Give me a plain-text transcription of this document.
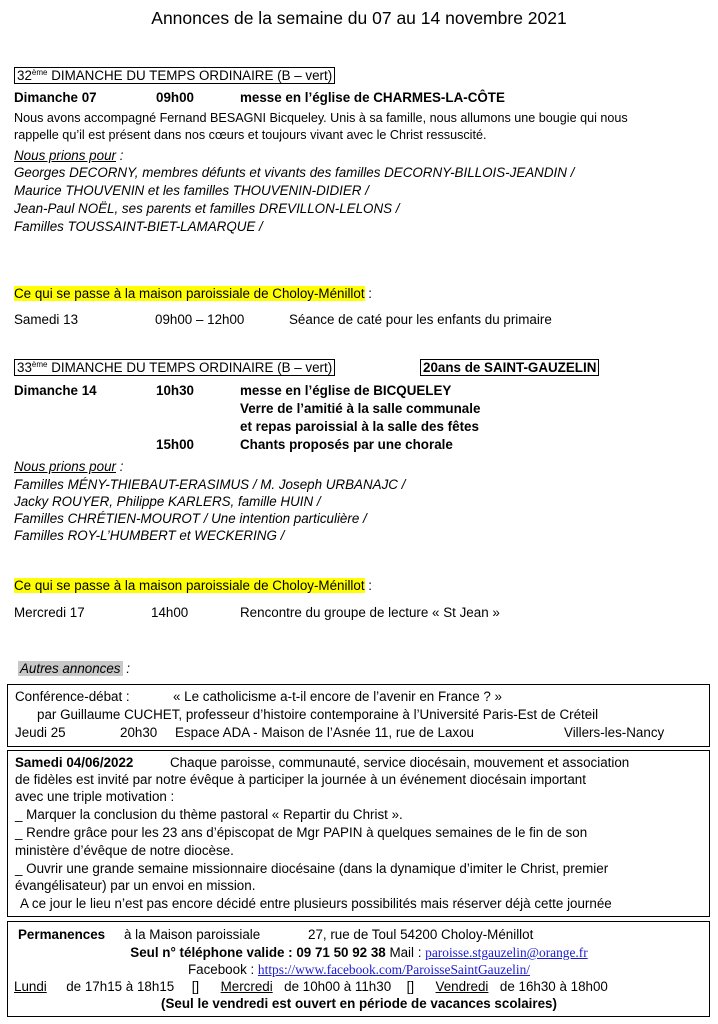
Annonces de la semaine du 07 au 14 novembre 2021
32ème DIMANCHE DU TEMPS ORDINAIRE (B – vert)
Dimanche 07	09h00	messe en l’église de CHARMES-LA-CÔTE
Nous avons accompagné Fernand BESAGNI Bicqueley. Unis à sa famille, nous allumons une bougie qui nous
rappelle qu’il est présent dans nos cœurs et toujours vivant avec le Christ ressuscité.
Nous prions pour :
Georges DECORNY, membres défunts et vivants des familles DECORNY-BILLOIS-JEANDIN /
Maurice THOUVENIN et les familles THOUVENIN-DIDIER /
Jean-Paul NOËL, ses parents et familles DREVILLON-LELONS /
Familles TOUSSAINT-BIET-LAMARQUE /
Ce qui se passe à la maison paroissiale de Choloy-Ménillot :
Samedi 13	09h00 – 12h00	Séance de caté pour les enfants du primaire
33ème DIMANCHE DU TEMPS ORDINAIRE (B – vert)	20ans de SAINT-GAUZELIN
Dimanche 14	10h30	messe en l’église de BICQUELEY
Verre de l’amitié à la salle communale
et repas paroissial à la salle des fêtes
15h00	Chants proposés par une chorale
Nous prions pour :
Familles MÉNY-THIEBAUT-ERASIMUS / M. Joseph URBANAJC /
Jacky ROUYER, Philippe KARLERS, famille HUIN /
Familles CHRÉTIEN-MOUROT / Une intention particulière /
Familles ROY-L’HUMBERT et WECKERING /
Ce qui se passe à la maison paroissiale de Choloy-Ménillot :
Mercredi 17	14h00	Rencontre du groupe de lecture « St Jean »
Autres annonces :
Conférence-débat :	« Le catholicisme a-t-il encore de l’avenir en France ? »
par Guillaume CUCHET, professeur d’histoire contemporaine à l’Université Paris-Est de Créteil
Jeudi 25	20h30 Espace ADA - Maison de l’Asnée 11, rue de Laxou	Villers-les-Nancy
Samedi 04/06/2022	Chaque paroisse, communauté, service diocésain, mouvement et association
de fidèles est invité par notre évêque à participer la journée à un événement diocésain important
avec une triple motivation :
_ Marquer la conclusion du thème pastoral « Repartir du Christ ».
_ Rendre grâce pour les 23 ans d’épiscopat de Mgr PAPIN à quelques semaines de le fin de son
ministère d’évêque de notre diocèse.
_ Ouvrir une grande semaine missionnaire diocésaine (dans la dynamique d’imiter le Christ, premier
évangélisateur) par un envoi en mission.
A ce jour le lieu n’est pas encore décidé entre plusieurs possibilités mais réserver déjà cette journée
Permanences à la Maison paroissiale	27, rue de Toul 54200 Choloy-Ménillot
Seul n° téléphone valide : 09 71 50 92 38 Mail : paroisse.stgauzelin@orange.fr
Facebook : https://www.facebook.com/ParoisseSaintGauzelin/
Lundi de 17h15 à 18h15 [] Mercredi de 10h00 à 11h30 [] Vendredi de 16h30 à 18h00
(Seul le vendredi est ouvert en période de vacances scolaires)
